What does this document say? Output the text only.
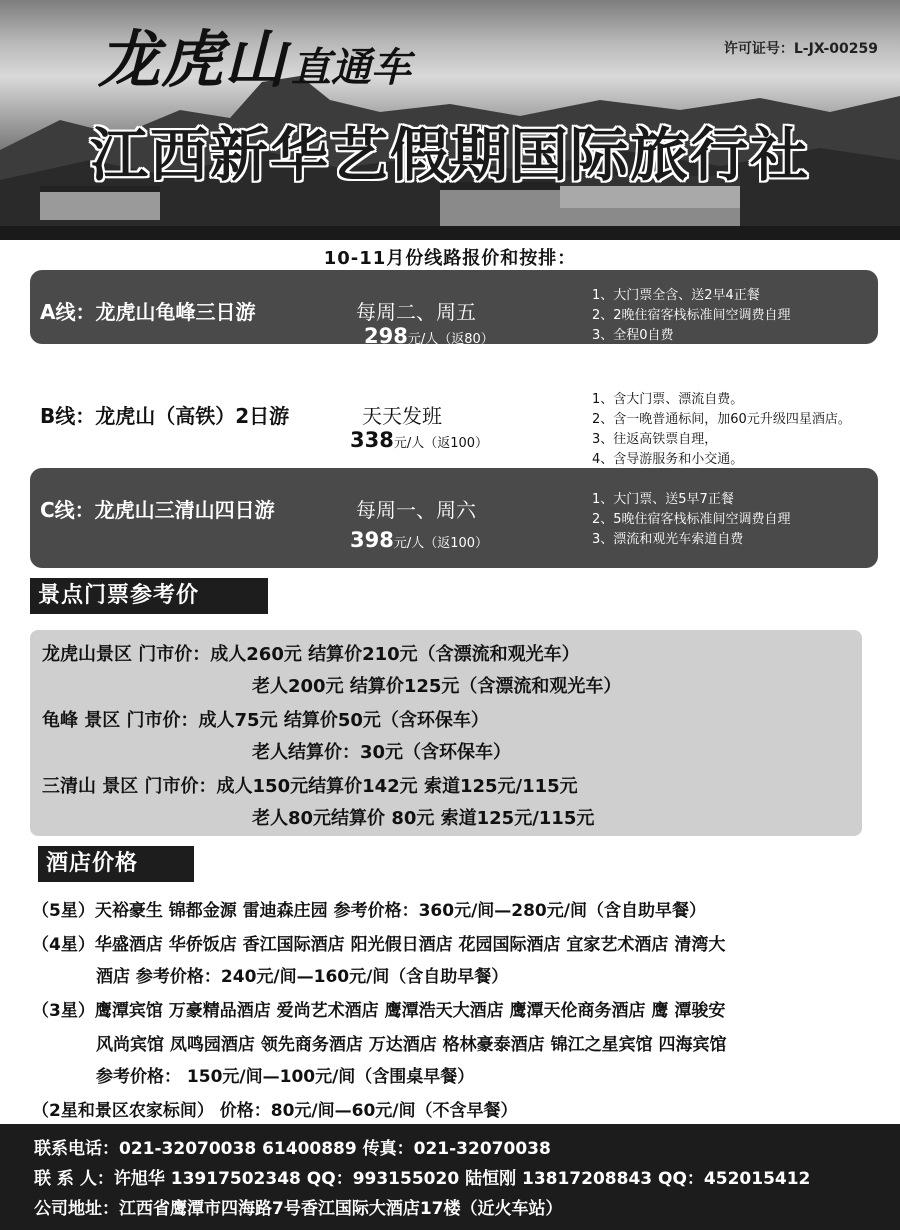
龙虎山 直通车	许可证号：L-JX-00259
江西新华艺假期国际旅行社
10-11月份线路报价和按排：
A线：龙虎山龟峰三日游	每周二、周五
298元/人（返80）
1、大门票全含、送2早4正餐
2、2晚住宿客栈标准间空调费自理
3、全程0自费
4、凭身份证60周岁以上
B线：龙虎山（高铁）2日游	天天发班
338元/人（返100）
1、含大门票、漂流自费。
2、含一晚普通标间，加60元升级四星酒店。
3、往返高铁票自理，
4、含导游服务和小交通。
C线：龙虎山三清山四日游	每周一、周六
398元/人（返100）
1、大门票、送5早7正餐
2、5晚住宿客栈标准间空调费自理
3、漂流和观光车索道自费
景点门票参考价
龙虎山景区 门市价：成人260元 结算价210元（含漂流和观光车）
老人200元 结算价125元（含漂流和观光车）
龟峰 景区 门市价：成人75元 结算价50元（含环保车）
老人结算价：30元（含环保车）
三清山 景区 门市价：成人150元结算价142元 索道125元/115元
老人80元结算价 80元 索道125元/115元
酒店价格
（5星）天裕豪生 锦都金源 雷迪森庄园 参考价格：360元/间—280元/间（含自助早餐）
（4星）华盛酒店 华侨饭店 香江国际酒店 阳光假日酒店 花园国际酒店 宜家艺术酒店 清湾大
酒店 参考价格：240元/间—160元/间（含自助早餐）
（3星）鹰潭宾馆 万豪精品酒店 爱尚艺术酒店 鹰潭浩天大酒店 鹰潭天伦商务酒店 鹰 潭骏安
风尚宾馆 凤鸣园酒店 领先商务酒店 万达酒店 格林豪泰酒店 锦江之星宾馆 四海宾馆
参考价格： 150元/间—100元/间（含围桌早餐）
（2星和景区农家标间） 价格：80元/间—60元/间（不含早餐）
联系电话：021-32070038 61400889 传真：021-32070038
联 系 人：许旭华 13917502348 QQ：993155020 陆恒刚 13817208843 QQ：452015412
公司地址：江西省鹰潭市四海路7号香江国际大酒店17楼（近火车站）
